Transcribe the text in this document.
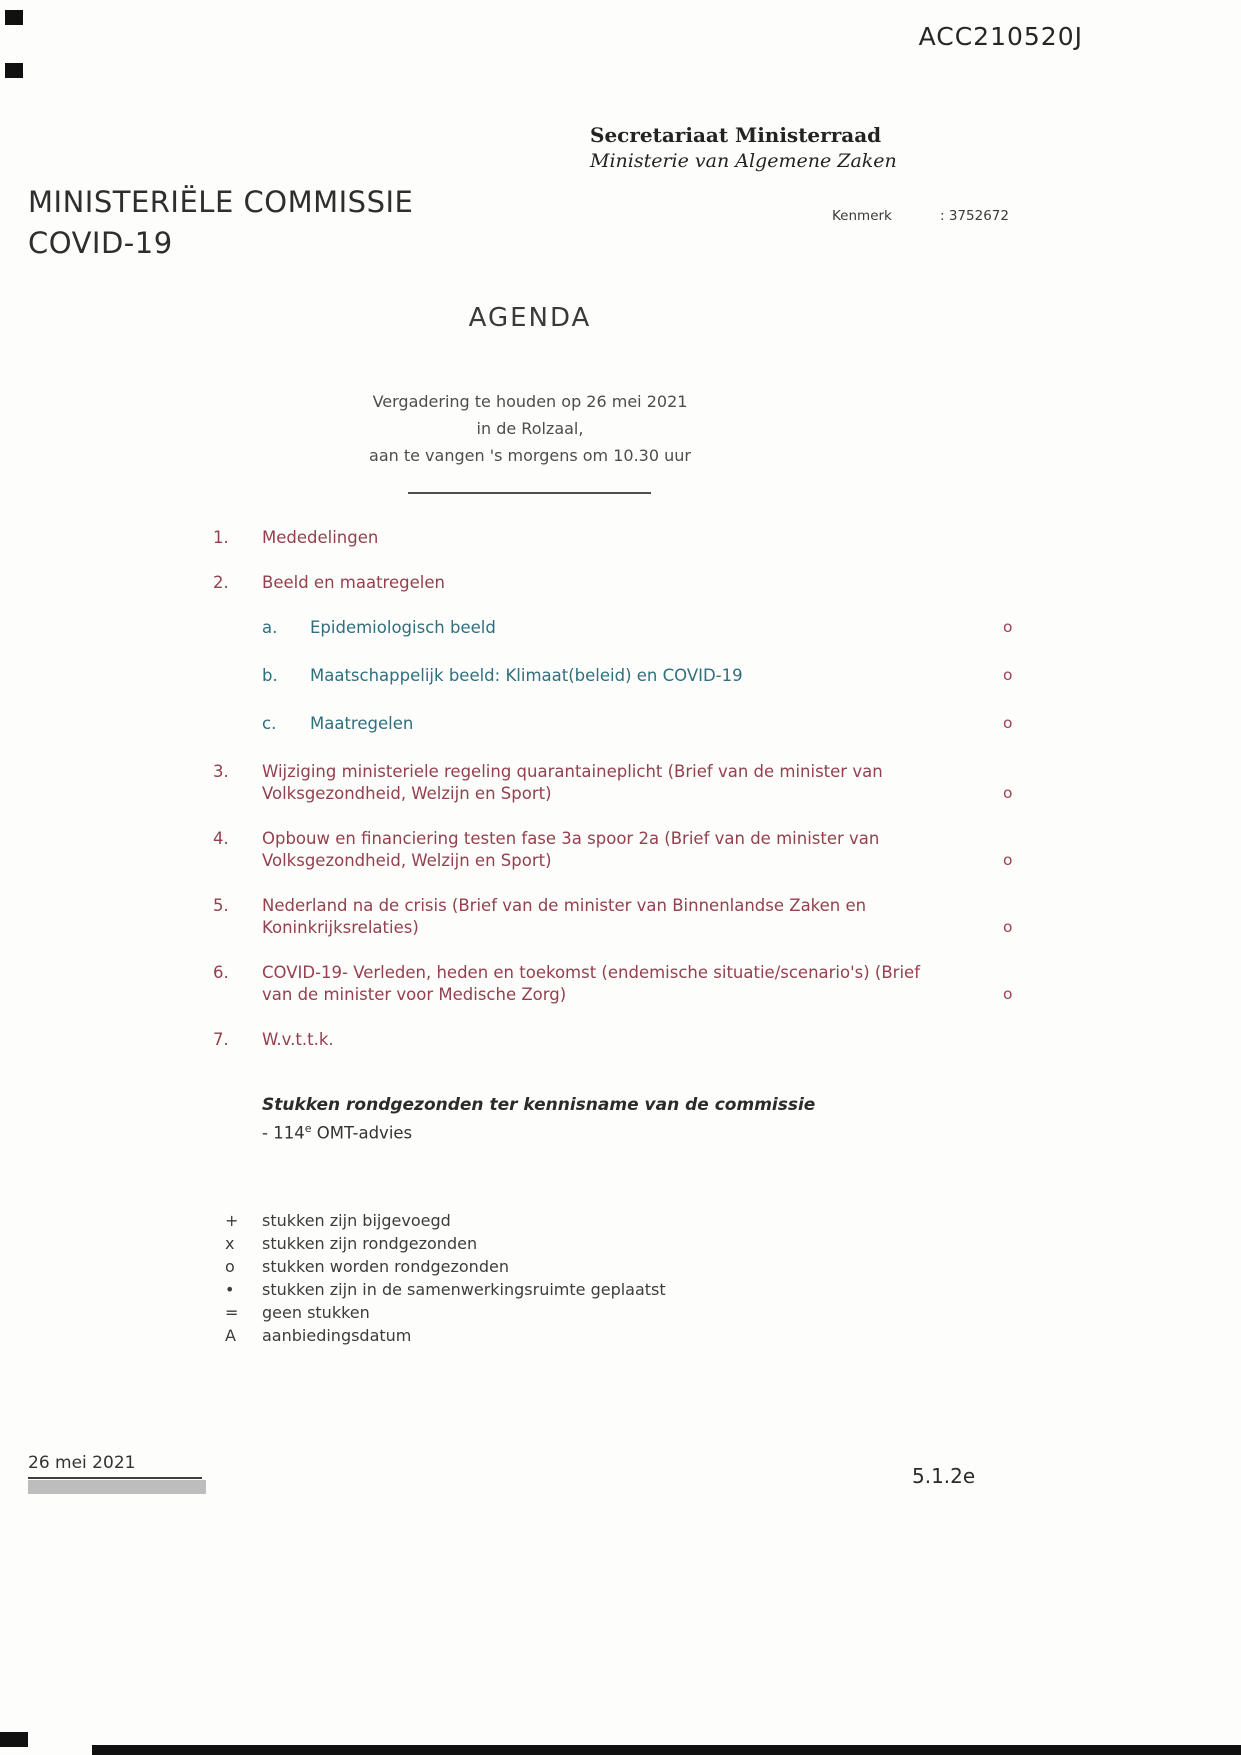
ACC210520J
Secretariaat Ministerraad
Ministerie van Algemene Zaken
MINISTERIËLE COMMISSIE
COVID-19
Kenmerk	: 3752672
AGENDA
Vergadering te houden op 26 mei 2021
in de Rolzaal,
aan te vangen 's morgens om 10.30 uur
1.	Mededelingen
2.	Beeld en maatregelen
a.	Epidemiologisch beeld	o
b.	Maatschappelijk beeld: Klimaat(beleid) en COVID-19	o
c.	Maatregelen	o
3.	Wijziging ministeriele regeling quarantaineplicht (Brief van de minister van
Volksgezondheid, Welzijn en Sport)	o
4.	Opbouw en financiering testen fase 3a spoor 2a (Brief van de minister van
Volksgezondheid, Welzijn en Sport)	o
5.	Nederland na de crisis (Brief van de minister van Binnenlandse Zaken en
Koninkrijksrelaties)	o
6.	COVID-19- Verleden, heden en toekomst (endemische situatie/scenario's) (Brief
van de minister voor Medische Zorg)	o
7.	W.v.t.t.k.
Stukken rondgezonden ter kennisname van de commissie
- 114e OMT-advies
+	stukken zijn bijgevoegd
x	stukken zijn rondgezonden
o	stukken worden rondgezonden
•	stukken zijn in de samenwerkingsruimte geplaatst
=	geen stukken
A	aanbiedingsdatum
26 mei 2021
5.1.2e
